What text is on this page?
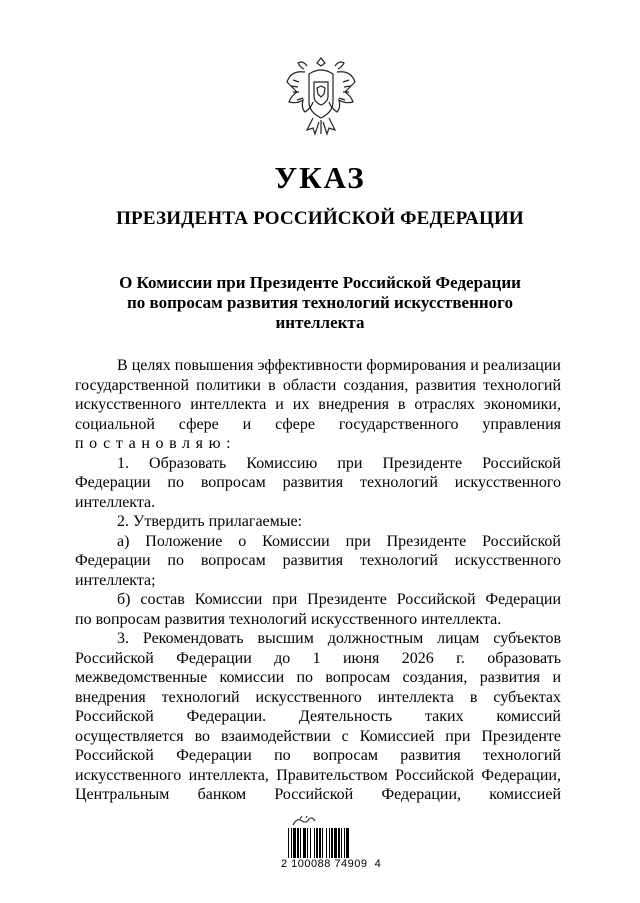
УКАЗ
ПРЕЗИДЕНТА РОССИЙСКОЙ ФЕДЕРАЦИИ
О Комиссии при Президенте Российской Федерации
по вопросам развития технологий искусственного
интеллекта
В целях повышения эффективности формирования и реализации
государственной политики в области создания, развития технологий
искусственного интеллекта и их внедрения в отраслях экономики,
социальной сфере и сфере государственного управления
постановляю:
1. Образовать Комиссию при Президенте Российской
Федерации по вопросам развития технологий искусственного
интеллекта.
2. Утвердить прилагаемые:
а) Положение о Комиссии при Президенте Российской
Федерации по вопросам развития технологий искусственного
интеллекта;
б) состав Комиссии при Президенте Российской Федерации
по вопросам развития технологий искусственного интеллекта.
3. Рекомендовать высшим должностным лицам субъектов
Российской Федерации до 1 июня 2026 г. образовать
межведомственные комиссии по вопросам создания, развития и
внедрения технологий искусственного интеллекта в субъектах
Российской Федерации. Деятельность таких комиссий
осуществляется во взаимодействии с Комиссией при Президенте
Российской Федерации по вопросам развития технологий
искусственного интеллекта, Правительством Российской Федерации,
Центральным банком Российской Федерации, комиссией
2 100088 74909  4
